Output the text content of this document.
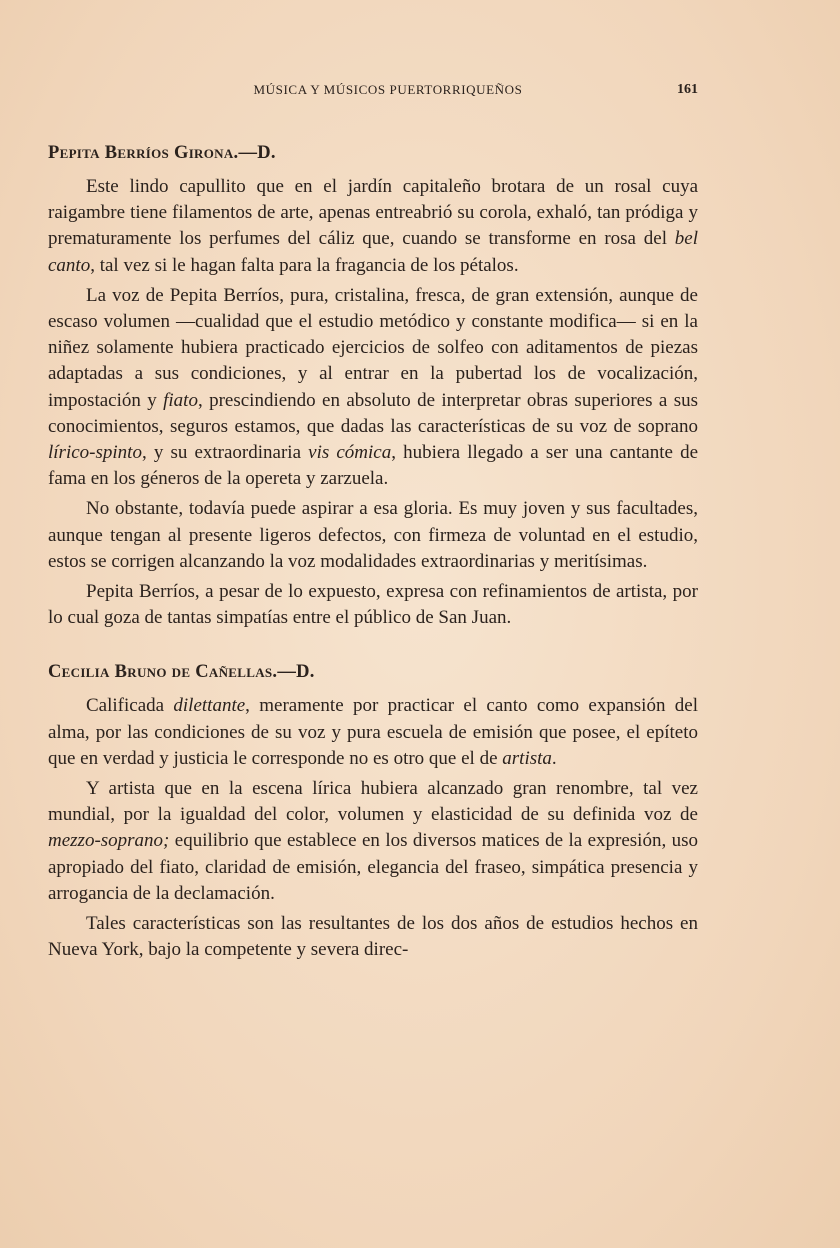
MÚSICA Y MÚSICOS PUERTORRIQUEÑOS	161
Pepita Berríos Girona.—D.

Este lindo capullito que en el jardín capitaleño brotara de un rosal cuya raigambre tiene filamentos de arte, apenas entreabrió su corola, exhaló, tan pródiga y prematuramente los perfumes del cáliz que, cuando se transforme en rosa del bel canto, tal vez si le hagan falta para la fragancia de los pétalos.

La voz de Pepita Berríos, pura, cristalina, fresca, de gran extensión, aunque de escaso volumen —cualidad que el estudio metódico y constante modifica— si en la niñez solamente hubiera practicado ejercicios de solfeo con aditamentos de piezas adaptadas a sus condiciones, y al entrar en la pubertad los de vocalización, impostación y fiato, prescindiendo en absoluto de interpretar obras superiores a sus conocimientos, seguros estamos, que dadas las características de su voz de soprano lírico-spinto, y su extraordinaria vis cómica, hubiera llegado a ser una cantante de fama en los géneros de la opereta y zarzuela.

No obstante, todavía puede aspirar a esa gloria. Es muy joven y sus facultades, aunque tengan al presente ligeros defectos, con firmeza de voluntad en el estudio, estos se corrigen alcanzando la voz modalidades extraordinarias y meritísimas.

Pepita Berríos, a pesar de lo expuesto, expresa con refinamientos de artista, por lo cual goza de tantas simpatías entre el público de San Juan.

Cecilia Bruno de Cañellas.—D.

Calificada dilettante, meramente por practicar el canto como expansión del alma, por las condiciones de su voz y pura escuela de emisión que posee, el epíteto que en verdad y justicia le corresponde no es otro que el de artista.

Y artista que en la escena lírica hubiera alcanzado gran renombre, tal vez mundial, por la igualdad del color, volumen y elasticidad de su definida voz de mezzo-soprano; equilibrio que establece en los diversos matices de la expresión, uso apropiado del fiato, claridad de emisión, elegancia del fraseo, simpática presencia y arrogancia de la declamación.

Tales características son las resultantes de los dos años de estudios hechos en Nueva York, bajo la competente y severa direc-
